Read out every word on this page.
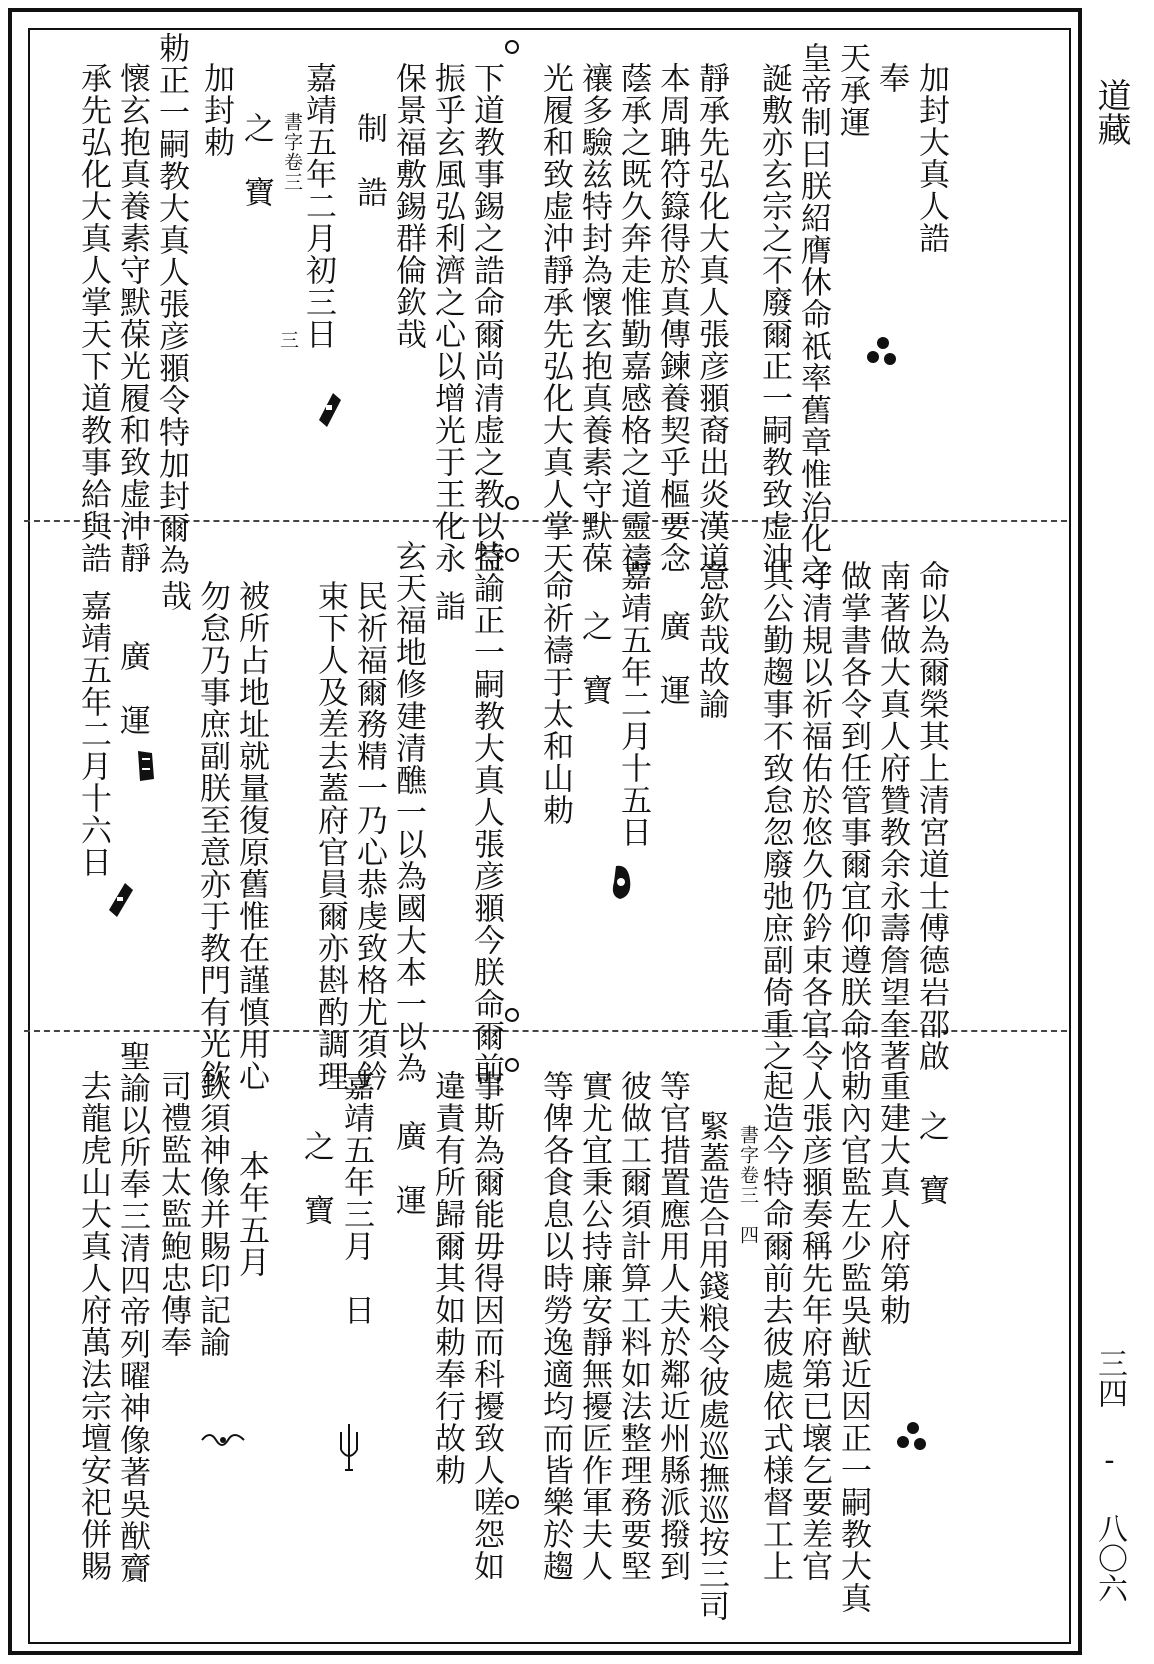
道藏
三四 - 八〇六
加封大真人誥
奉
天承運
皇帝制曰朕紹膺休命祇率舊章惟治化之
誕敷亦玄宗之不廢爾正一嗣教致虚沖
靜承先弘化大真人張彦頨裔出炎漢道
本周聃符籙得於真傳鍊養契乎樞要念
蔭承之既久奔走惟勤嘉感格之道靈禱
禳多驗兹特封為懷玄抱真養素守默葆
光履和致虚沖靜承先弘化大真人掌天
下道教事錫之誥命爾尚清虚之教以益
振乎玄風弘利濟之心以增光于王化永
保景福敷錫群倫欽哉
制　誥
嘉靖五年二月初三日
書字卷三
之　寶
三
加封勅
勅正一嗣教大真人張彦頨令特加封爾為
懷玄抱真養素守默葆光履和致虚沖靜
承先弘化大真人掌天下道教事給與誥
命以為爾榮其上清宮道士傅德岩邵啟
南著做大真人府贊教余永壽詹望奎著
做掌書各令到任管事爾宜仰遵朕命恪
守清規以祈福佑於悠久仍鈐束各官令
其公勤趨事不致怠忽廢弛庶副倚重之
意欽哉故諭
廣　運
嘉靖五年二月十五日
之　寶
命祈禱于太和山勅
特諭正一嗣教大真人張彦頨今朕命爾前
詣
玄天福地修建清醮一以為國大本一以為
民祈福爾務精一乃心恭虔致格尤須鈐
束下人及差去蓋府官員爾亦斟酌調理
被所占地址就量復原舊惟在謹慎用心
勿怠乃事庶副朕至意亦于教門有光欽
哉
廣　運
嘉靖五年二月十六日
之　寶
重建大真人府第勅
勅內官監左少監吳猷近因正一嗣教大真
人張彦頨奏稱先年府第已壞乞要差官
起造今特命爾前去彼處依式様督工上
書字卷三　四
緊蓋造合用錢粮令彼處巡撫巡按三司
等官措置應用人夫於鄰近州縣派撥到
彼做工爾須計算工料如法整理務要堅
實尤宜秉公持廉安靜無擾匠作軍夫人
等俾各食息以時勞逸適均而皆樂於趨
事斯為爾能毋得因而科擾致人嗟怨如
違責有所歸爾其如勅奉行故勅
廣　運
嘉靖五年三月　日
之　寶
本年五月
欽須神像并賜印記諭
司禮監太監鮑忠傳奉
聖諭以所奉三清四帝列曜神像著吳猷齎
去龍虎山大真人府萬法宗壇安祀併賜
